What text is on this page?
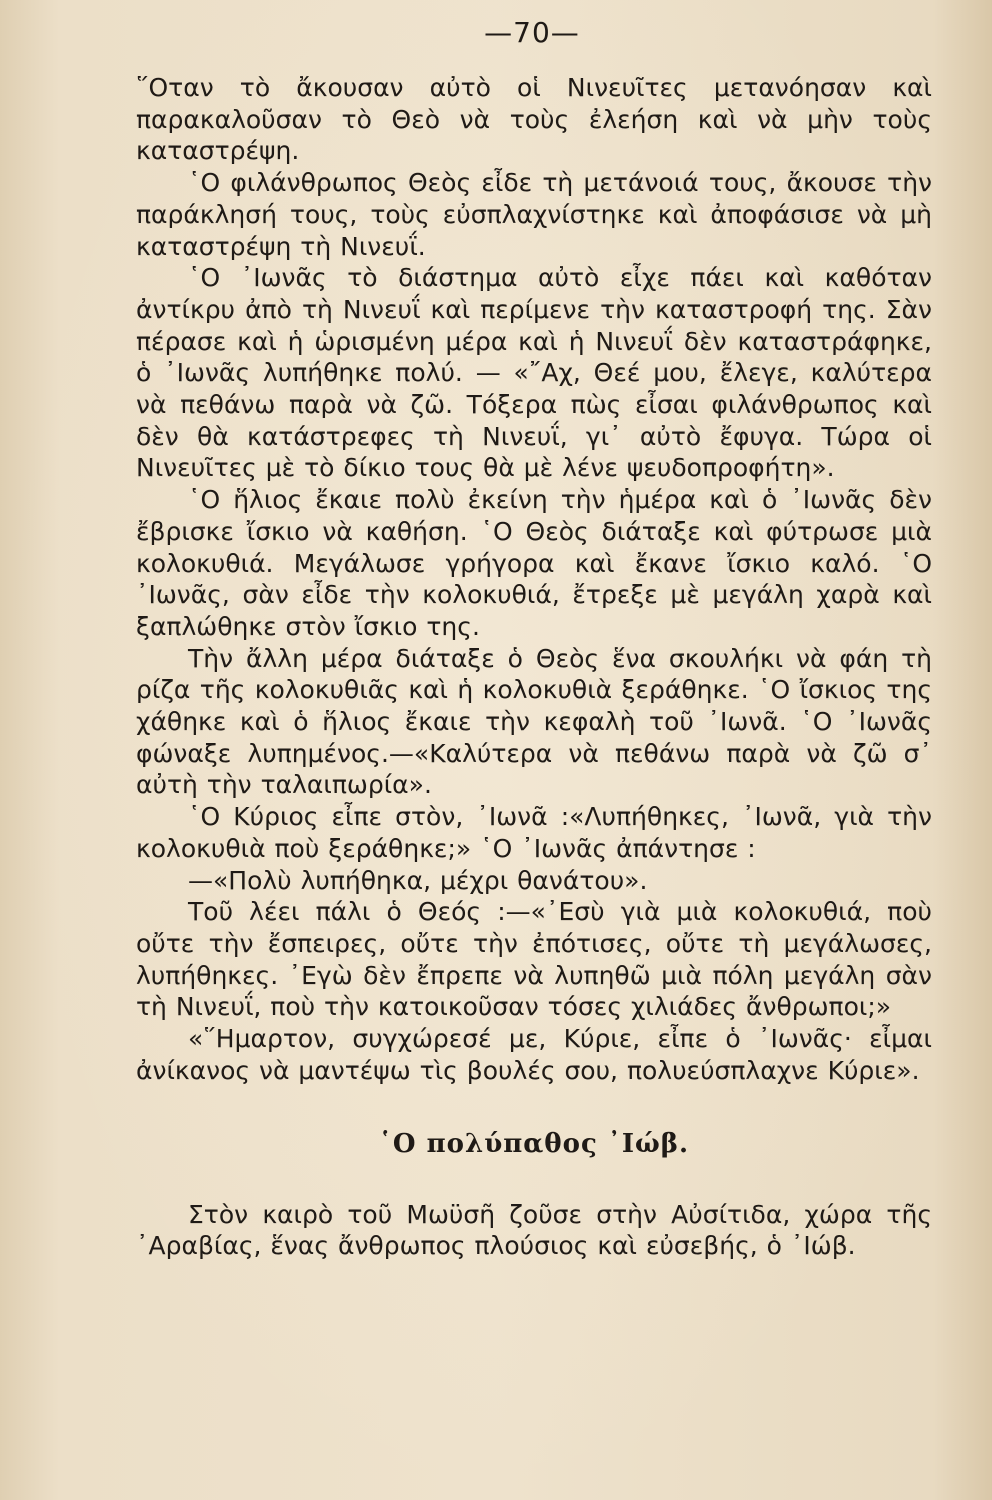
—70—

῞Οταν τὸ ἄκουσαν αὐτὸ οἱ Νινευῖτες μετανόησαν καὶ παρακαλοῦσαν τὸ Θεὸ νὰ τοὺς ἐλεήση καὶ νὰ μὴν τοὺς καταστρέψη.

῾Ο φιλάνθρωπος Θεὸς εἶδε τὴ μετάνοιά τους, ἄκουσε τὴν παράκλησή τους, τοὺς εὐσπλαχνίστηκε καὶ ἀποφάσισε νὰ μὴ καταστρέψη τὴ Νινευΐ.

῾Ο ᾿Ιωνᾶς τὸ διάστημα αὐτὸ εἶχε πάει καὶ καθόταν ἀντίκρυ ἀπὸ τὴ Νινευΐ καὶ περίμενε τὴν καταστροφή της. Σὰν πέρασε καὶ ἡ ὡρισμένη μέρα καὶ ἡ Νινευΐ δὲν καταστράφηκε, ὁ ᾿Ιωνᾶς λυπήθηκε πολύ. — «῎Αχ, Θεέ μου, ἔλεγε, καλύτερα νὰ πεθάνω παρὰ νὰ ζῶ. Τόξερα πὼς εἶσαι φιλάνθρωπος καὶ δὲν θὰ κατάστρεφες τὴ Νινευΐ, γι᾿ αὐτὸ ἔφυγα. Τώρα οἱ Νινευῖτες μὲ τὸ δίκιο τους θὰ μὲ λένε ψευδοπροφήτη».

῾Ο ἥλιος ἔκαιε πολὺ ἐκείνη τὴν ἡμέρα καὶ ὁ ᾿Ιωνᾶς δὲν ἔβρισκε ἴσκιο νὰ καθήση. ῾Ο Θεὸς διάταξε καὶ φύτρωσε μιὰ κολοκυθιά. Μεγάλωσε γρήγορα καὶ ἔκανε ἴσκιο καλό. ῾Ο ᾿Ιωνᾶς, σὰν εἶδε τὴν κολοκυθιά, ἔτρεξε μὲ μεγάλη χαρὰ καὶ ξαπλώθηκε στὸν ἴσκιο της.

Τὴν ἄλλη μέρα διάταξε ὁ Θεὸς ἕνα σκουλήκι νὰ φάη τὴ ρίζα τῆς κολοκυθιᾶς καὶ ἡ κολοκυθιὰ ξεράθηκε. ῾Ο ἴσκιος της χάθηκε καὶ ὁ ἥλιος ἔκαιε τὴν κεφαλὴ τοῦ ᾿Ιωνᾶ. ῾Ο ᾿Ιωνᾶς φώναξε λυπημένος.—«Καλύτερα νὰ πεθάνω παρὰ νὰ ζῶ σ᾿ αὐτὴ τὴν ταλαιπωρία».

῾Ο Κύριος εἶπε στὸν, ᾿Ιωνᾶ :«Λυπήθηκες, ᾿Ιωνᾶ, γιὰ τὴν κολοκυθιὰ ποὺ ξεράθηκε;» ῾Ο ᾿Ιωνᾶς ἀπάντησε :

—«Πολὺ λυπήθηκα, μέχρι θανάτου».

Τοῦ λέει πάλι ὁ Θεός :—«᾿Εσὺ γιὰ μιὰ κολοκυθιά, ποὺ οὔτε τὴν ἔσπειρες, οὔτε τὴν ἐπότισες, οὔτε τὴ μεγάλωσες, λυπήθηκες. ᾿Εγὼ δὲν ἔπρεπε νὰ λυπηθῶ μιὰ πόλη μεγάλη σὰν τὴ Νινευΐ, ποὺ τὴν κατοικοῦσαν τόσες χιλιάδες ἄνθρωποι;»

«῞Ημαρτον, συγχώρεσέ με, Κύριε, εἶπε ὁ ᾿Ιωνᾶς· εἶμαι ἀνίκανος νὰ μαντέψω τὶς βουλές σου, πολυεύσπλαχνε Κύριε».

῾Ο πολύπαθος ᾿Ιώβ.

Στὸν καιρὸ τοῦ Μωϋσῆ ζοῦσε στὴν Αὐσίτιδα, χώρα τῆς ᾿Αραβίας, ἕνας ἄνθρωπος πλούσιος καὶ εὐσεβής, ὁ ᾿Ιώβ.
